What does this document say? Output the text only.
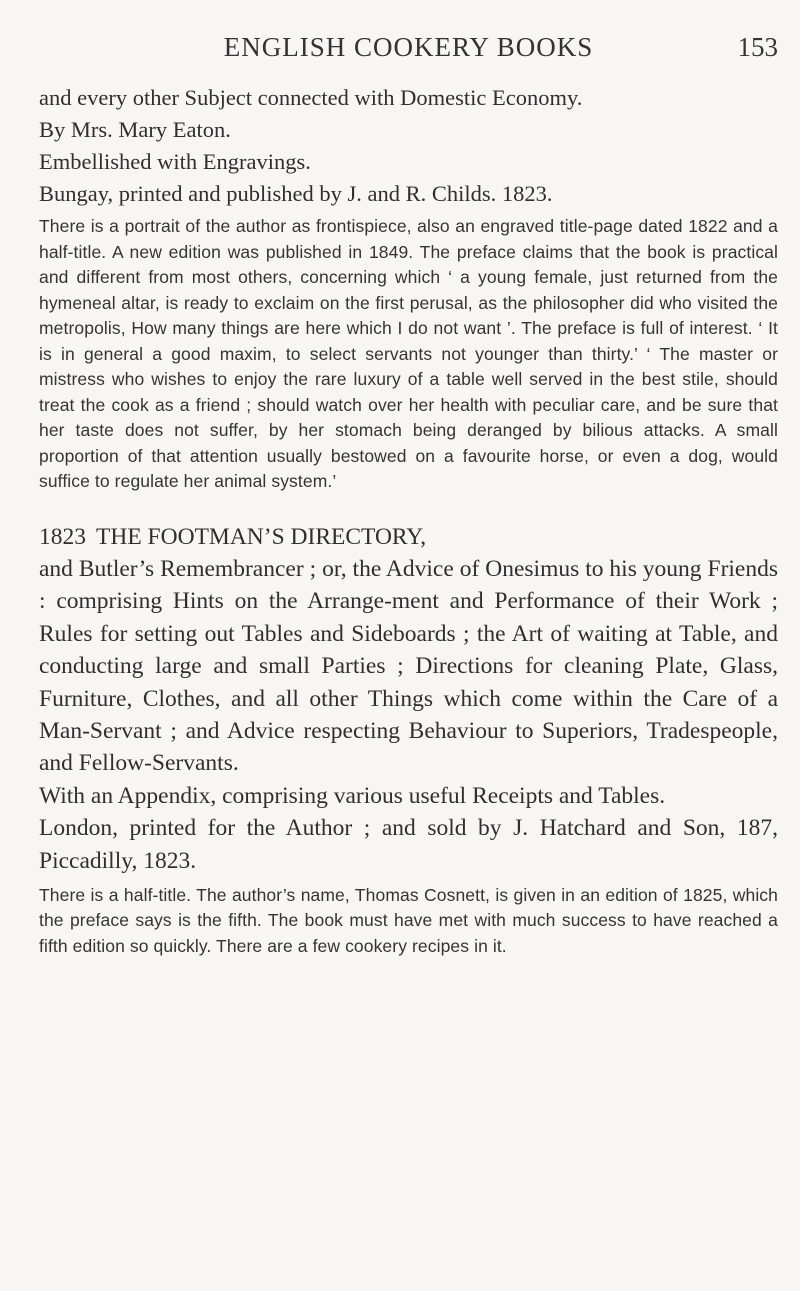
ENGLISH COOKERY BOOKS	153
and every other Subject connected with Domestic Economy.
By Mrs. Mary Eaton.
Embellished with Engravings.
Bungay, printed and published by J. and R. Childs. 1823.
There is a portrait of the author as frontispiece, also an engraved title-page dated 1822 and a half-title. A new edition was published in 1849. The preface claims that the book is practical and different from most others, concerning which ‘ a young female, just returned from the hymeneal altar, is ready to exclaim on the first perusal, as the philosopher did who visited the metropolis, How many things are here which I do not want ’. The preface is full of interest. ‘ It is in general a good maxim, to select servants not younger than thirty.’ ‘ The master or mistress who wishes to enjoy the rare luxury of a table well served in the best stile, should treat the cook as a friend ; should watch over her health with peculiar care, and be sure that her taste does not suffer, by her stomach being deranged by bilious attacks. A small proportion of that attention usually bestowed on a favourite horse, or even a dog, would suffice to regulate her animal system.’
1823 THE FOOTMAN’S DIRECTORY,
and Butler’s Remembrancer ; or, the Advice of Onesimus to his young Friends : comprising Hints on the Arrange-ment and Performance of their Work ; Rules for setting out Tables and Sideboards ; the Art of waiting at Table, and conducting large and small Parties ; Directions for cleaning Plate, Glass, Furniture, Clothes, and all other Things which come within the Care of a Man-Servant ; and Advice respecting Behaviour to Superiors, Tradespeople, and Fellow-Servants.
With an Appendix, comprising various useful Receipts and Tables.
London, printed for the Author ; and sold by J. Hatchard and Son, 187, Piccadilly, 1823.
There is a half-title. The author’s name, Thomas Cosnett, is given in an edition of 1825, which the preface says is the fifth. The book must have met with much success to have reached a fifth edition so quickly. There are a few cookery recipes in it.
